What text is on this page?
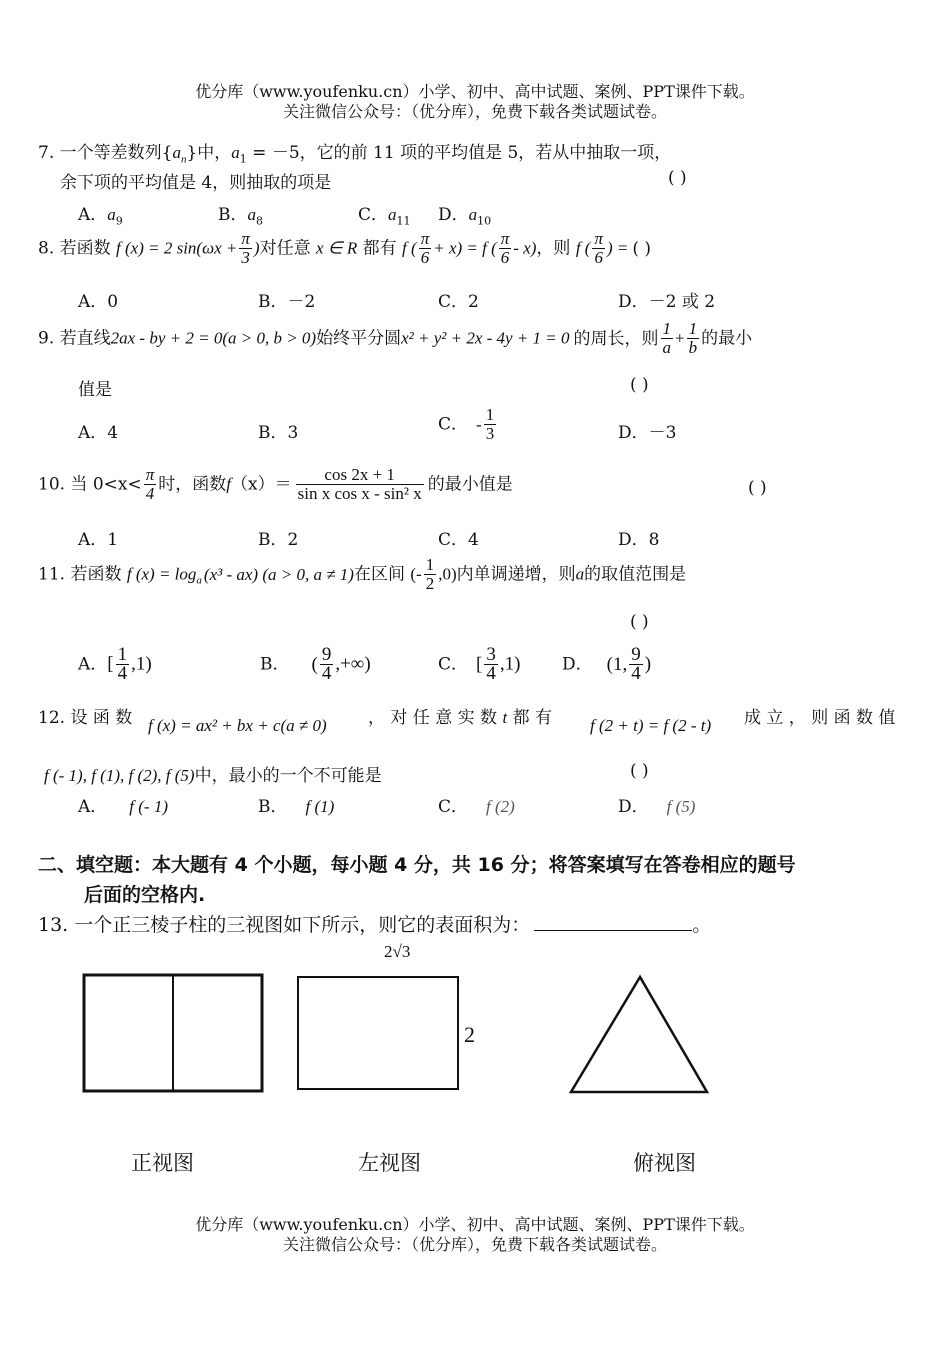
优分库（www.youfenku.cn）小学、初中、高中试题、案例、PPT课件下载。
关注微信公众号：（优分库），免费下载各类试题试卷。
7. 一个等差数列$\{a_n\}$中，$a_1 = -5$，它的前 11 项的平均值是 5，若从中抽取一项，
余下项的平均值是 4，则抽取的项是	( )
A．$a_9$	B．$a_8$	C．$a_{11}$ D．$a_{10}$
8. 若函数 f (x) = 2 $\sin(\omega x + \frac{\pi}{3}$ )对任意 x ∈ R 都有 f ( $\frac{\pi}{6} + x) = f$ ( $\frac{\pi}{6} - x$)，则 f ( $\frac{\pi}{6}$ ) = ( )
A．0	B．－2	C．2	D．－2 或 2
9. 若直线2ax - by + 2 = 0(a > 0, b > 0)始终平分圆x² + y² + 2x - 4y + 1 = 0 的周长，则 $\frac{1}{a} + \frac{1}{b}$ 的最小
值是	( )
A．4	B．3	C． - $\frac{1}{3}$	D．－3
10. 当 $0<x< \frac{\pi}{4}$ 时，函数$f(x)= \frac{\cos 2x + 1}{\text{sin x cos x - sin² x}}$ 的最小值是	( )
A．1	B．2	C．4	D．8
11. 若函数 f $(x) = \log_a (x^3 - ax) (a > 0$, a ≠ 1)在区间 (- $\frac{1}{2} ,0$)内单调递增，则a的取值范围是
( )
A．[ $\frac{1}{4} ,1$)	B． ( $\frac{9}{4}$ ,+∞)	C． [ $\frac{3}{4} ,1$) D． (1, $\frac{9}{4}$ )
12. 设 函 数 f (x) = ax² + bx + c(a ≠ 0) ， 对 任 意 实 数 t 都 有 f (2 + t) = f (2 - t) 成 立 ， 则 函 数 值
f (- 1), f (1), f (2), f (5)中，最小的一个不可能是	( )
A． f (- 1)	B． f (1)	C． f (2)	D． f (5)
二、填空题：本大题有 4 个小题，每小题 4 分，共 16 分；将答案填写在答卷相应的题号
后面的空格内.
13. 一个正三棱子柱的三视图如下所示，则它的表面积为：	。
2√3
2
正视图	左视图	俯视图
优分库（www.youfenku.cn）小学、初中、高中试题、案例、PPT课件下载。
关注微信公众号：（优分库），免费下载各类试题试卷。
